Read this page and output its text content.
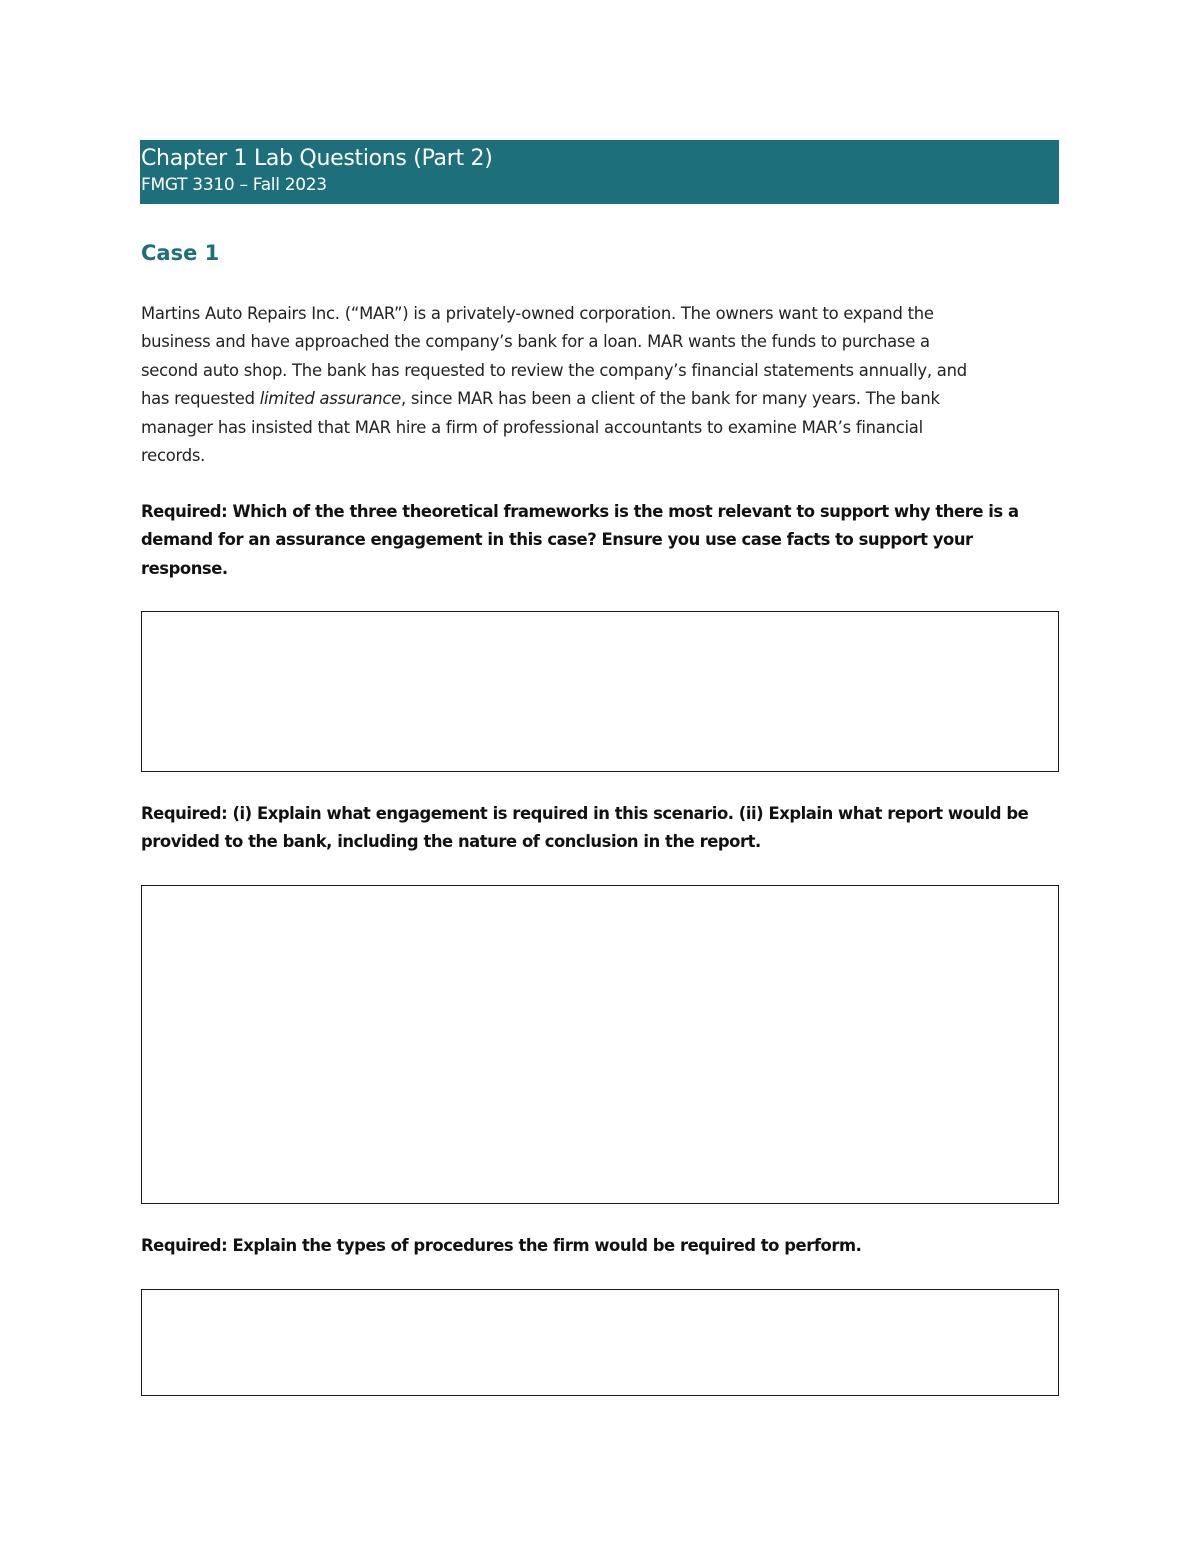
Chapter 1 Lab Questions (Part 2)
FMGT 3310 – Fall 2023
Case 1

Martins Auto Repairs Inc. (“MAR”) is a privately-owned corporation. The owners want to expand the
business and have approached the company’s bank for a loan. MAR wants the funds to purchase a
second auto shop. The bank has requested to review the company’s financial statements annually, and
has requested limited assurance, since MAR has been a client of the bank for many years. The bank
manager has insisted that MAR hire a firm of professional accountants to examine MAR’s financial
records.

Required: Which of the three theoretical frameworks is the most relevant to support why there is a
demand for an assurance engagement in this case? Ensure you use case facts to support your
response.

Required: (i) Explain what engagement is required in this scenario. (ii) Explain what report would be
provided to the bank, including the nature of conclusion in the report.

Required: Explain the types of procedures the firm would be required to perform.
